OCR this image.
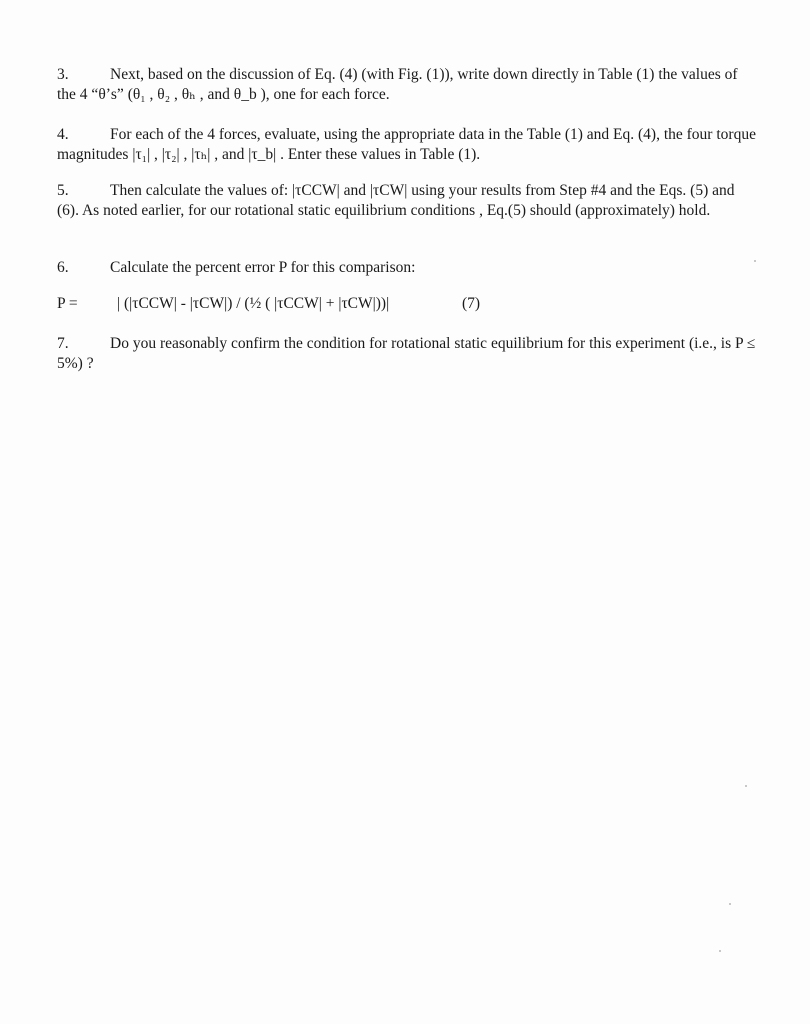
3.	Next, based on the discussion of Eq. (4) (with Fig. (1)), write down directly in Table (1) the values of the 4 “θ’s” (θ₁ , θ₂ , θₕ , and θ_b ), one for each force.

4.	For each of the 4 forces, evaluate, using the appropriate data in the Table (1) and Eq. (4), the four torque magnitudes |τ₁| , |τ₂| , |τₕ| , and |τ_b| . Enter these values in Table (1).

5.	Then calculate the values of: |τCCW| and |τCW| using your results from Step #4 and the Eqs. (5) and (6). As noted earlier, for our rotational static equilibrium conditions , Eq.(5) should (approximately) hold.

6.	Calculate the percent error P for this comparison:

P =	| (|τCCW| - |τCW|) / (½ ( |τCCW| + |τCW|))|	(7)

7.	Do you reasonably confirm the condition for rotational static equilibrium for this experiment (i.e., is P ≤ 5%) ?
